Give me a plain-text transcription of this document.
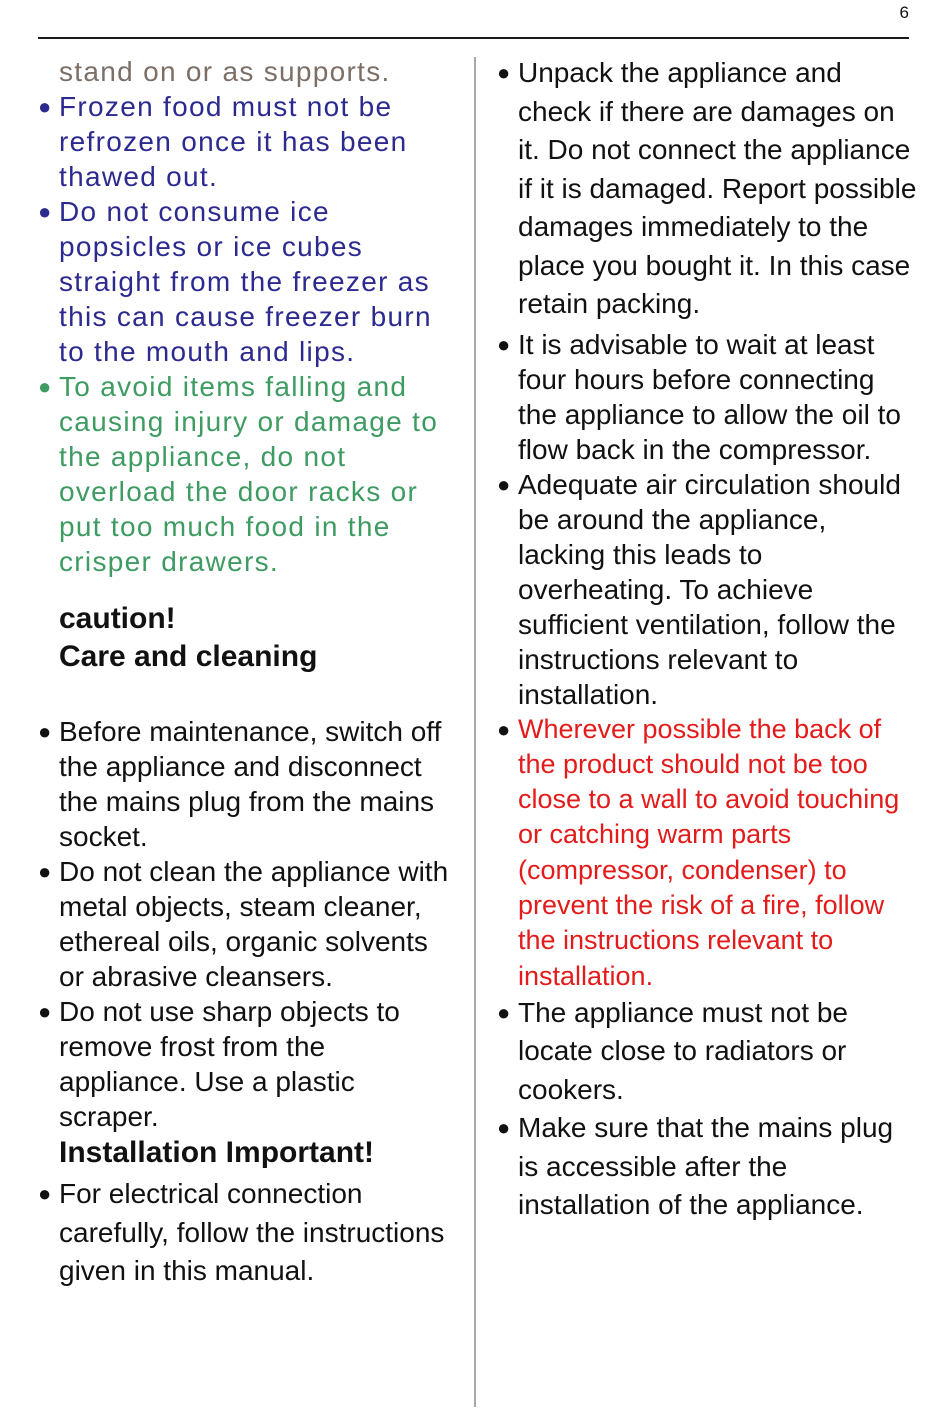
6
stand on or as supports.
● Frozen food must not be refrozen once it has been thawed out.
● Do not consume ice popsicles or ice cubes straight from the freezer as this can cause freezer burn to the mouth and lips.
● To avoid items falling and causing injury or damage to the appliance, do not overload the door racks or put too much food in the crisper drawers.
caution!
Care and cleaning
● Before maintenance, switch off the appliance and disconnect the mains plug from the mains socket.
● Do not clean the appliance with metal objects, steam cleaner, ethereal oils, organic solvents or abrasive cleansers.
● Do not use sharp objects to remove frost from the appliance. Use a plastic scraper.
Installation Important!
● For electrical connection carefully, follow the instructions given in this manual.
● Unpack the appliance and check if there are damages on it. Do not connect the appliance if it is damaged. Report possible damages immediately to the place you bought it. In this case retain packing.
● It is advisable to wait at least four hours before connecting the appliance to allow the oil to flow back in the compressor.
● Adequate air circulation should be around the appliance, lacking this leads to overheating. To achieve sufficient ventilation, follow the instructions relevant to installation.
● Wherever possible the back of the product should not be too close to a wall to avoid touching or catching warm parts (compressor, condenser) to prevent the risk of a fire, follow the instructions relevant to installation.
● The appliance must not be locate close to radiators or cookers.
● Make sure that the mains plug is accessible after the installation of the appliance.
